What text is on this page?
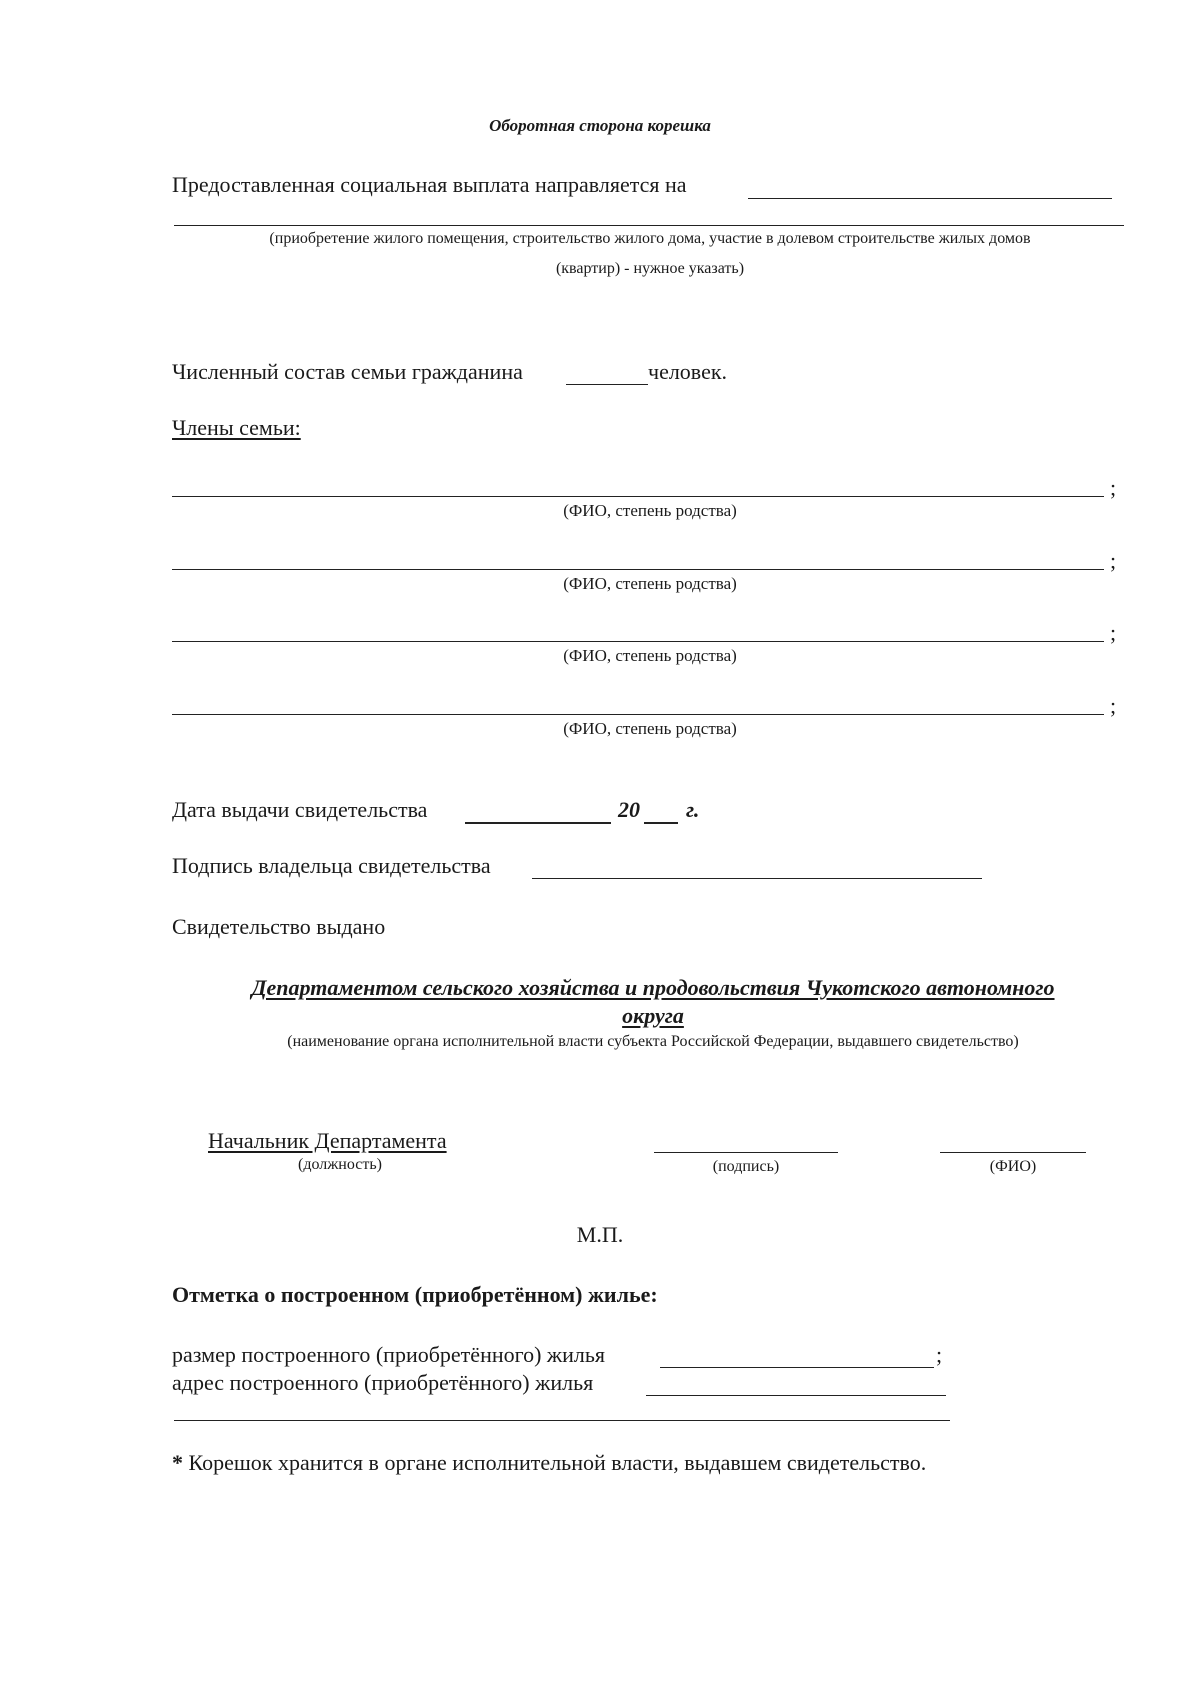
Оборотная сторона корешка
Предоставленная социальная выплата направляется на
(приобретение жилого помещения, строительство жилого дома, участие в долевом строительстве жилых домов
(квартир) - нужное указать)
Численный состав семьи гражданина	человек.
Члены семьи:
;
(ФИО, степень родства)
;
(ФИО, степень родства)
;
(ФИО, степень родства)
;
(ФИО, степень родства)
Дата выдачи свидетельства	20 г.
Подпись владельца свидетельства
Свидетельство выдано
Департаментом сельского хозяйства и продовольствия Чукотского автономного
округа
(наименование органа исполнительной власти субъекта Российской Федерации, выдавшего свидетельство)
Начальник Департамента
(должность)	(подпись)	(ФИО)
М.П.
Отметка о построенном (приобретённом) жилье:
размер построенного (приобретённого) жилья	;
адрес построенного (приобретённого) жилья
* Корешок хранится в органе исполнительной власти, выдавшем свидетельство.
